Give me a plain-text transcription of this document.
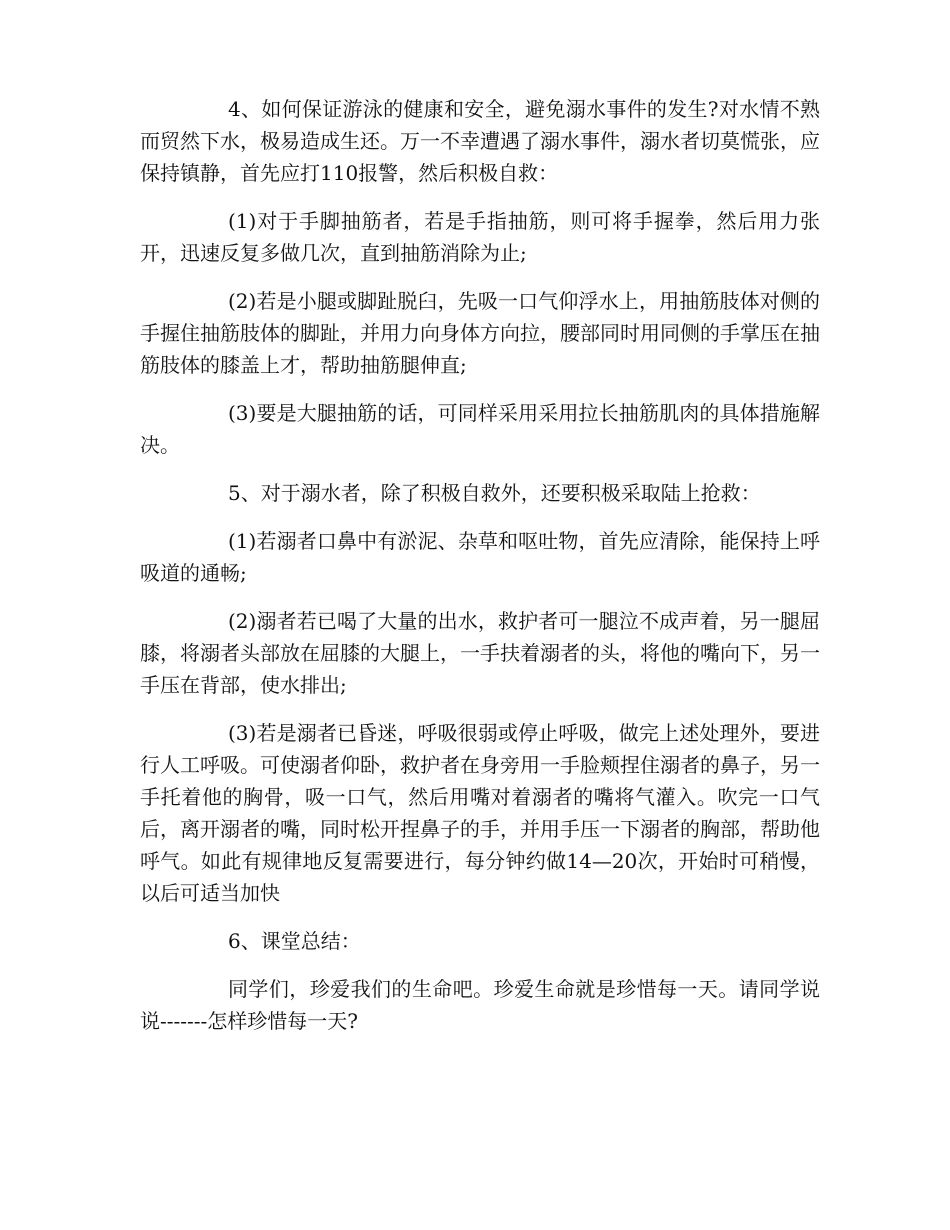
4、如何保证游泳的健康和安全，避免溺水事件的发生?对水情不熟而贸然下水，极易造成生还。万一不幸遭遇了溺水事件，溺水者切莫慌张，应保持镇静，首先应打110报警，然后积极自救：

(1)对于手脚抽筋者，若是手指抽筋，则可将手握拳，然后用力张开，迅速反复多做几次，直到抽筋消除为止;

(2)若是小腿或脚趾脱臼，先吸一口气仰浮水上，用抽筋肢体对侧的手握住抽筋肢体的脚趾，并用力向身体方向拉，腰部同时用同侧的手掌压在抽筋肢体的膝盖上才，帮助抽筋腿伸直;

(3)要是大腿抽筋的话，可同样采用采用拉长抽筋肌肉的具体措施解决。

5、对于溺水者，除了积极自救外，还要积极采取陆上抢救：

(1)若溺者口鼻中有淤泥、杂草和呕吐物，首先应清除，能保持上呼吸道的通畅;

(2)溺者若已喝了大量的出水，救护者可一腿泣不成声着，另一腿屈膝，将溺者头部放在屈膝的大腿上，一手扶着溺者的头，将他的嘴向下，另一手压在背部，使水排出;

(3)若是溺者已昏迷，呼吸很弱或停止呼吸，做完上述处理外，要进行人工呼吸。可使溺者仰卧，救护者在身旁用一手脸颊捏住溺者的鼻子，另一手托着他的胸骨，吸一口气，然后用嘴对着溺者的嘴将气灌入。吹完一口气后，离开溺者的嘴，同时松开捏鼻子的手，并用手压一下溺者的胸部，帮助他呼气。如此有规律地反复需要进行，每分钟约做14—20次，开始时可稍慢，以后可适当加快

6、课堂总结：

同学们，珍爱我们的生命吧。珍爱生命就是珍惜每一天。请同学说说-------怎样珍惜每一天?
